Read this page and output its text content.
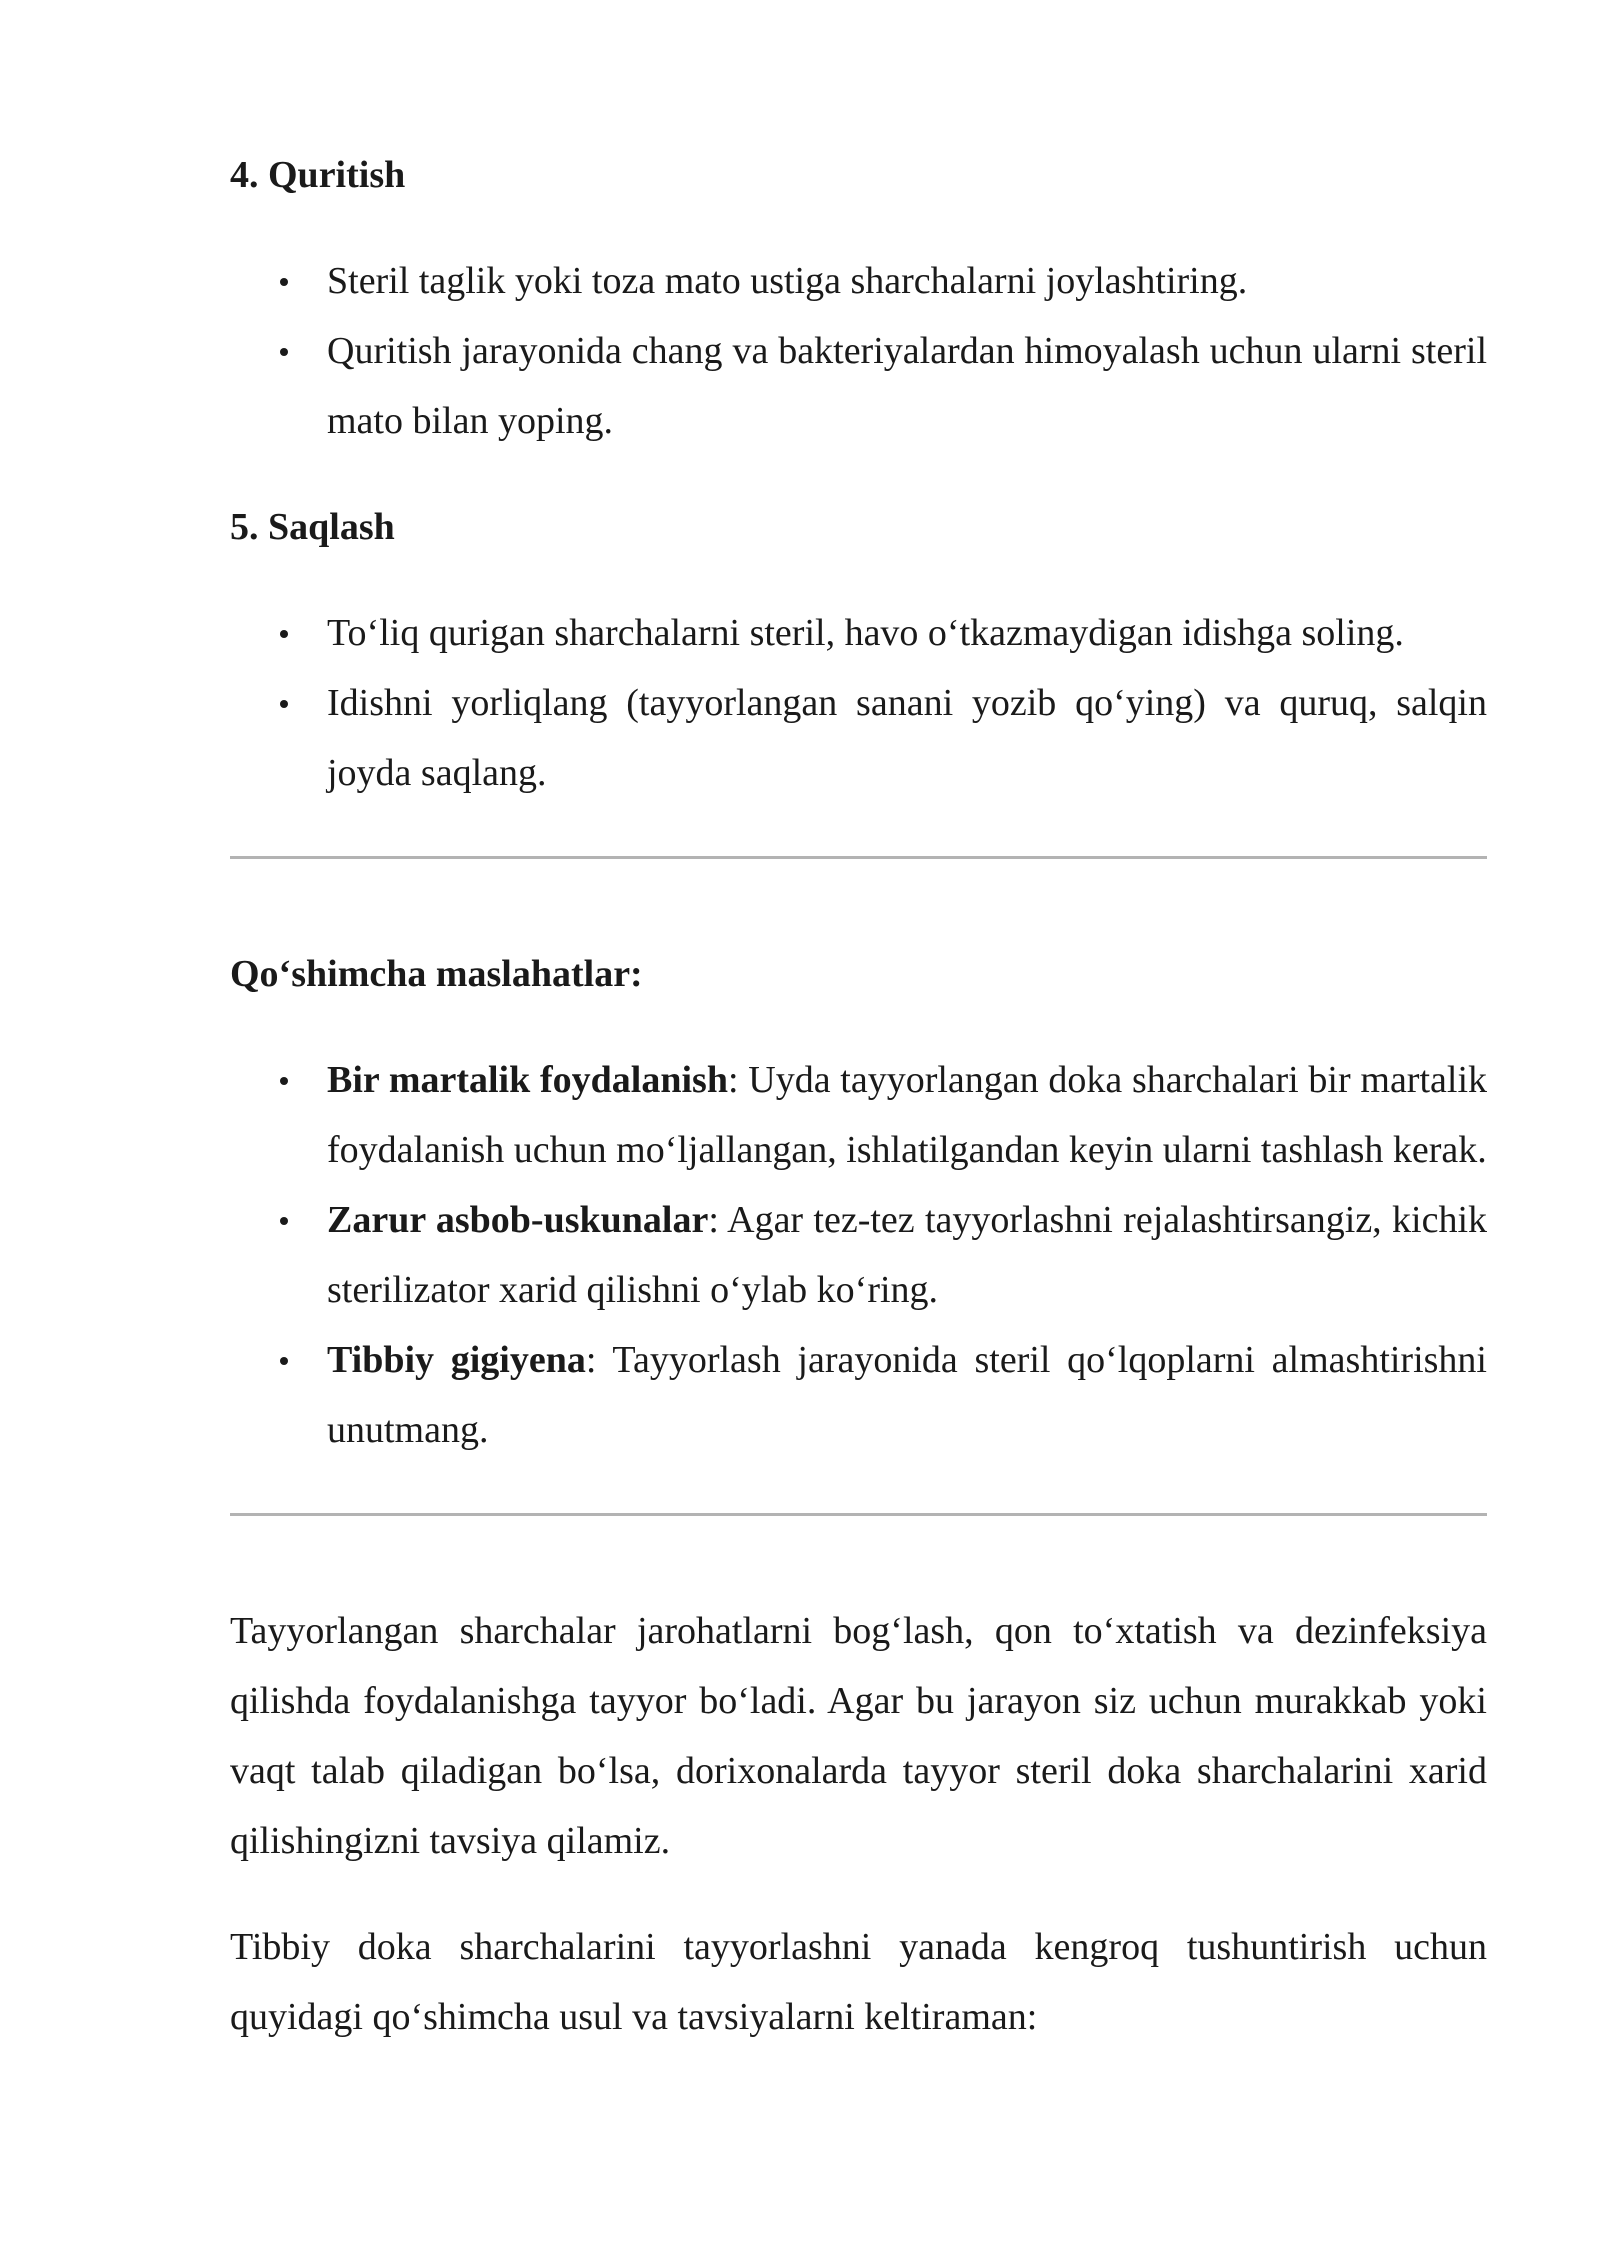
4. Quritish
Steril taglik yoki toza mato ustiga sharchalarni joylashtiring.
Quritish jarayonida chang va bakteriyalardan himoyalash uchun ularni steril mato bilan yoping.
5. Saqlash
To‘liq qurigan sharchalarni steril, havo o‘tkazmaydigan idishga soling.
Idishni yorliqlang (tayyorlangan sanani yozib qo‘ying) va quruq, salqin joyda saqlang.
Qo‘shimcha maslahatlar:
Bir martalik foydalanish: Uyda tayyorlangan doka sharchalari bir martalik foydalanish uchun mo‘ljallangan, ishlatilgandan keyin ularni tashlash kerak.
Zarur asbob-uskunalar: Agar tez-tez tayyorlashni rejalashtirsangiz, kichik sterilizator xarid qilishni o‘ylab ko‘ring.
Tibbiy gigiyena: Tayyorlash jarayonida steril qo‘lqoplarni almashtirishni unutmang.

Tayyorlangan sharchalar jarohatlarni bog‘lash, qon to‘xtatish va dezinfeksiya qilishda foydalanishga tayyor bo‘ladi. Agar bu jarayon siz uchun murakkab yoki vaqt talab qiladigan bo‘lsa, dorixonalarda tayyor steril doka sharchalarini xarid qilishingizni tavsiya qilamiz.

Tibbiy doka sharchalarini tayyorlashni yanada kengroq tushuntirish uchun quyidagi qo‘shimcha usul va tavsiyalarni keltiraman:
